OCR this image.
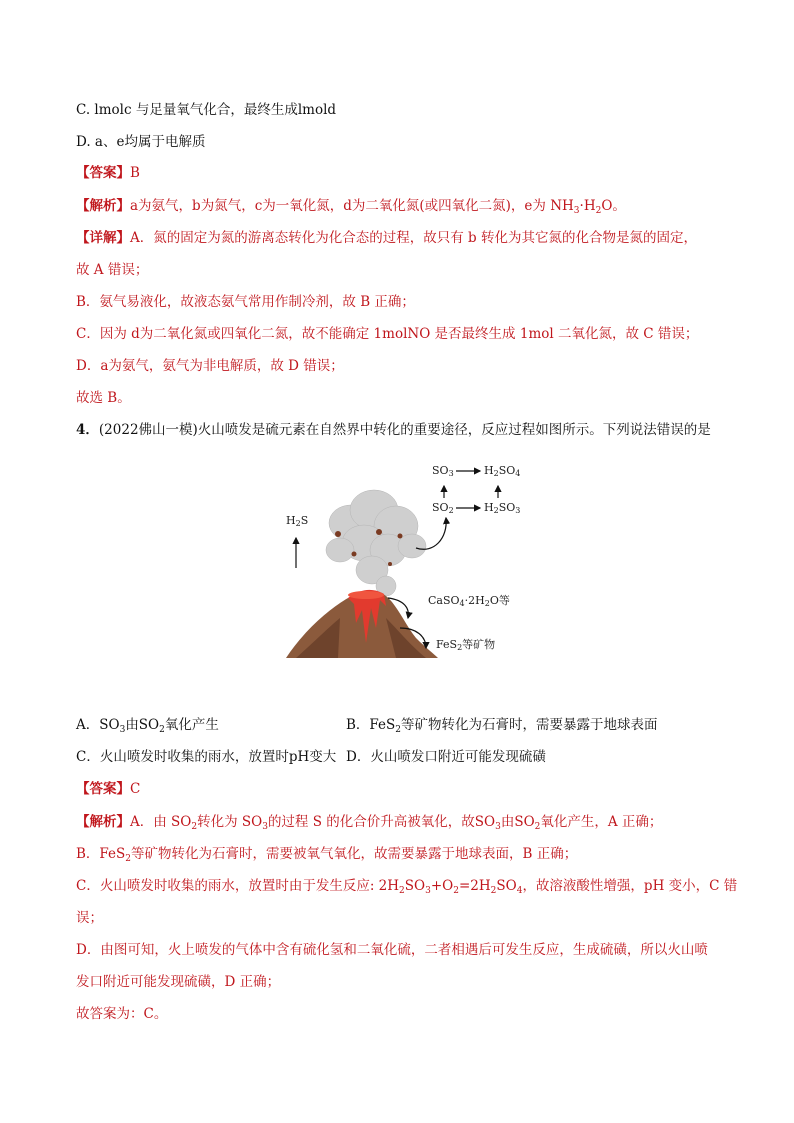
C. lmolc 与足量氧气化合，最终生成lmold
D. a、e均属于电解质
【答案】B
【解析】a为氨气，b为氮气，c为一氧化氮，d为二氧化氮(或四氧化二氮)，e为 $NH_3\cdot H_2O$。
【详解】A．氮的固定为氮的游离态转化为化合态的过程，故只有 b 转化为其它氮的化合物是氮的固定，
故 A 错误；
B．氨气易液化，故液态氨气常用作制冷剂，故 B 正确；
C．因为 d为二氧化氮或四氧化二氮，故不能确定 1molNO 是否最终生成 1mol 二氧化氮，故 C 错误；
D．a为氨气，氨气为非电解质，故 D 错误；
故选 B。
4．(2022佛山一模)火山喷发是硫元素在自然界中转化的重要途径，反应过程如图所示。下列说法错误的是
$SO_3$	$H_2SO_4$
$SO_2$	$H_2SO_3$
$H_2S$
$CaSO_4\cdot 2H_2O$等
FeS$_2$等矿物
A．$SO_3$由$SO_2$氧化产生	B．FeS$_2$等矿物转化为石膏时，需要暴露于地球表面
C．火山喷发时收集的雨水，放置时pH变大 D．火山喷发口附近可能发现硫磺
【答案】C
【解析】A．由 $SO_2$转化为 $SO_3$的过程 S 的化合价升高被氧化，故$SO_3$由$SO_2$氧化产生，A 正确；
B．FeS$_2$等矿物转化为石膏时，需要被氧气氧化，故需要暴露于地球表面，B 正确；
C．火山喷发时收集的雨水，放置时由于发生反应: $2H_2SO_3+O_2=2H_2SO_4$，故溶液酸性增强，pH 变小，C 错
误；
D．由图可知，火上喷发的气体中含有硫化氢和二氧化硫，二者相遇后可发生反应，生成硫磺，所以火山喷
发口附近可能发现硫磺，D 正确；
故答案为：C。
